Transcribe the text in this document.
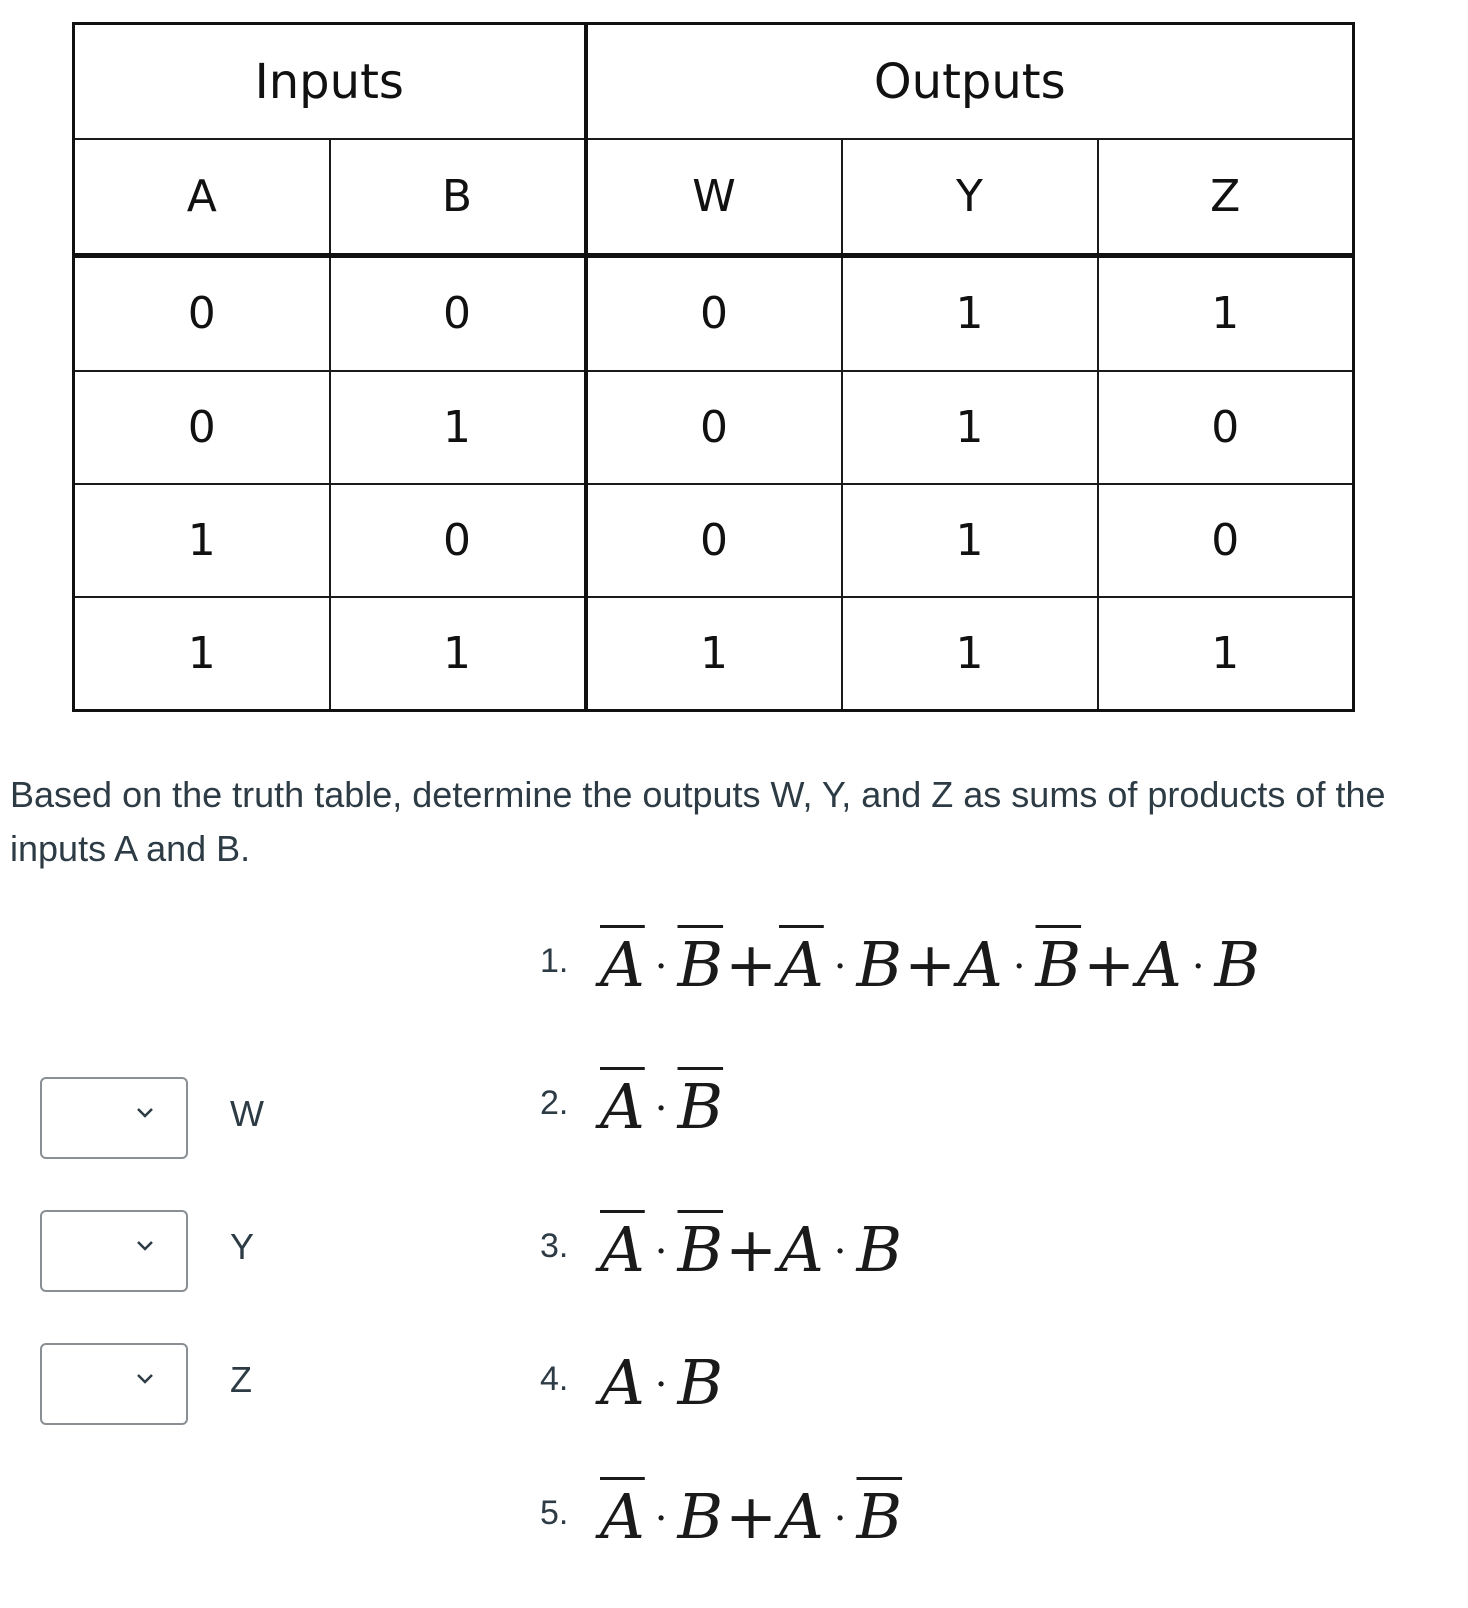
Inputs		Outputs		
A	B	W	Y	Z
0	0	0	1	1
0	1	0	1	0
1	0	0	1	0
1	1	1	1	1
Based on the truth table, determine the outputs W, Y, and Z as sums of products of the inputs A and B.
W
Y
Z
1. $\overline{A} \cdot \overline{B}+\overline{A} \cdot B+A \cdot \overline{B}+A \cdot B$
2. $\overline{A} \cdot \overline{B}$
3. $\overline{A} \cdot \overline{B}+A \cdot B$
4. A · B
5. $\overline{A} \cdot B+A \cdot \overline{B}$
